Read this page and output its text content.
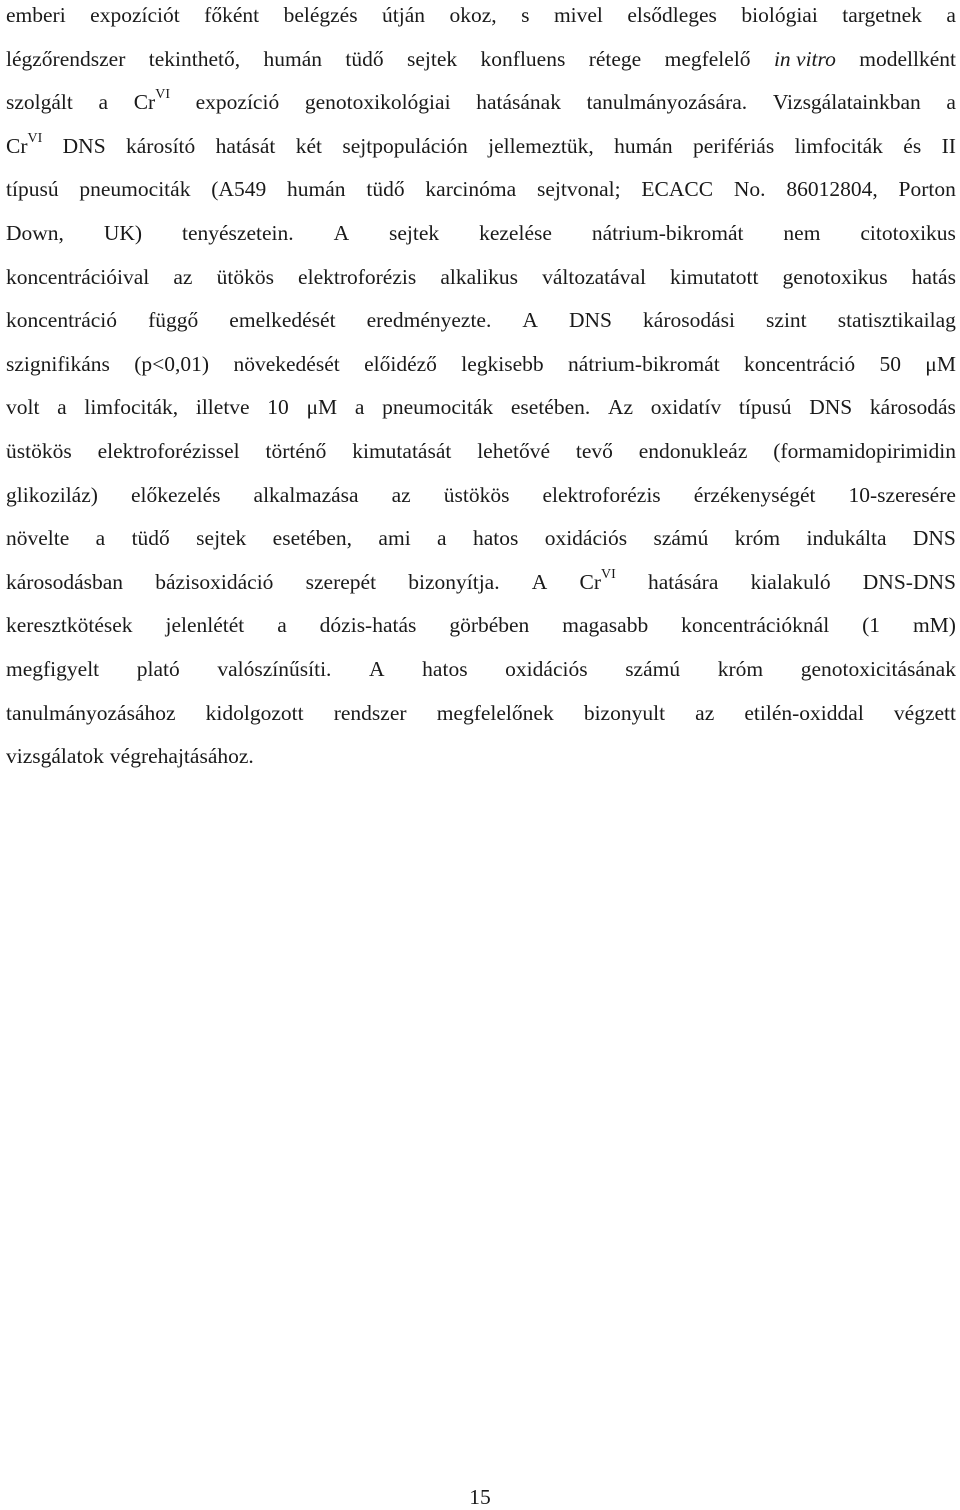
emberi expozíciót főként belégzés útján okoz, s mivel elsődleges biológiai targetnek a
légzőrendszer tekinthető, humán tüdő sejtek konfluens rétege megfelelő in vitro modellként
szolgált a $Cr^{VI}$ expozíció genotoxikológiai hatásának tanulmányozására. Vizsgálatainkban a
$Cr^{VI}$ DNS károsító hatását két sejtpopuláción jellemeztük, humán perifériás limfociták és II
típusú pneumociták (A549 humán tüdő karcinóma sejtvonal; ECACC No. 86012804, Porton
Down, UK) tenyészetein. A sejtek kezelése nátrium-bikromát nem citotoxikus
koncentrációival az ütökös elektroforézis alkalikus változatával kimutatott genotoxikus hatás
koncentráció függő emelkedését eredményezte. A DNS károsodási szint statisztikailag
szignifikáns (p<0,01) növekedését előidéző legkisebb nátrium-bikromát koncentráció 50 μM
volt a limfociták, illetve 10 μM a pneumociták esetében. Az oxidatív típusú DNS károsodás
üstökös elektroforézissel történő kimutatását lehetővé tevő endonukleáz (formamidopirimidin
glikoziláz) előkezelés alkalmazása az üstökös elektroforézis érzékenységét 10-szeresére
növelte a tüdő sejtek esetében, ami a hatos oxidációs számú króm indukálta DNS
károsodásban bázisoxidáció szerepét bizonyítja. A $Cr^{VI}$ hatására kialakuló DNS-DNS
keresztkötések jelenlétét a dózis-hatás görbében magasabb koncentrációknál (1 mM)
megfigyelt plató valószínűsíti. A hatos oxidációs számú króm genotoxicitásának
tanulmányozásához kidolgozott rendszer megfelelőnek bizonyult az etilén-oxiddal végzett
vizsgálatok végrehajtásához.
15
